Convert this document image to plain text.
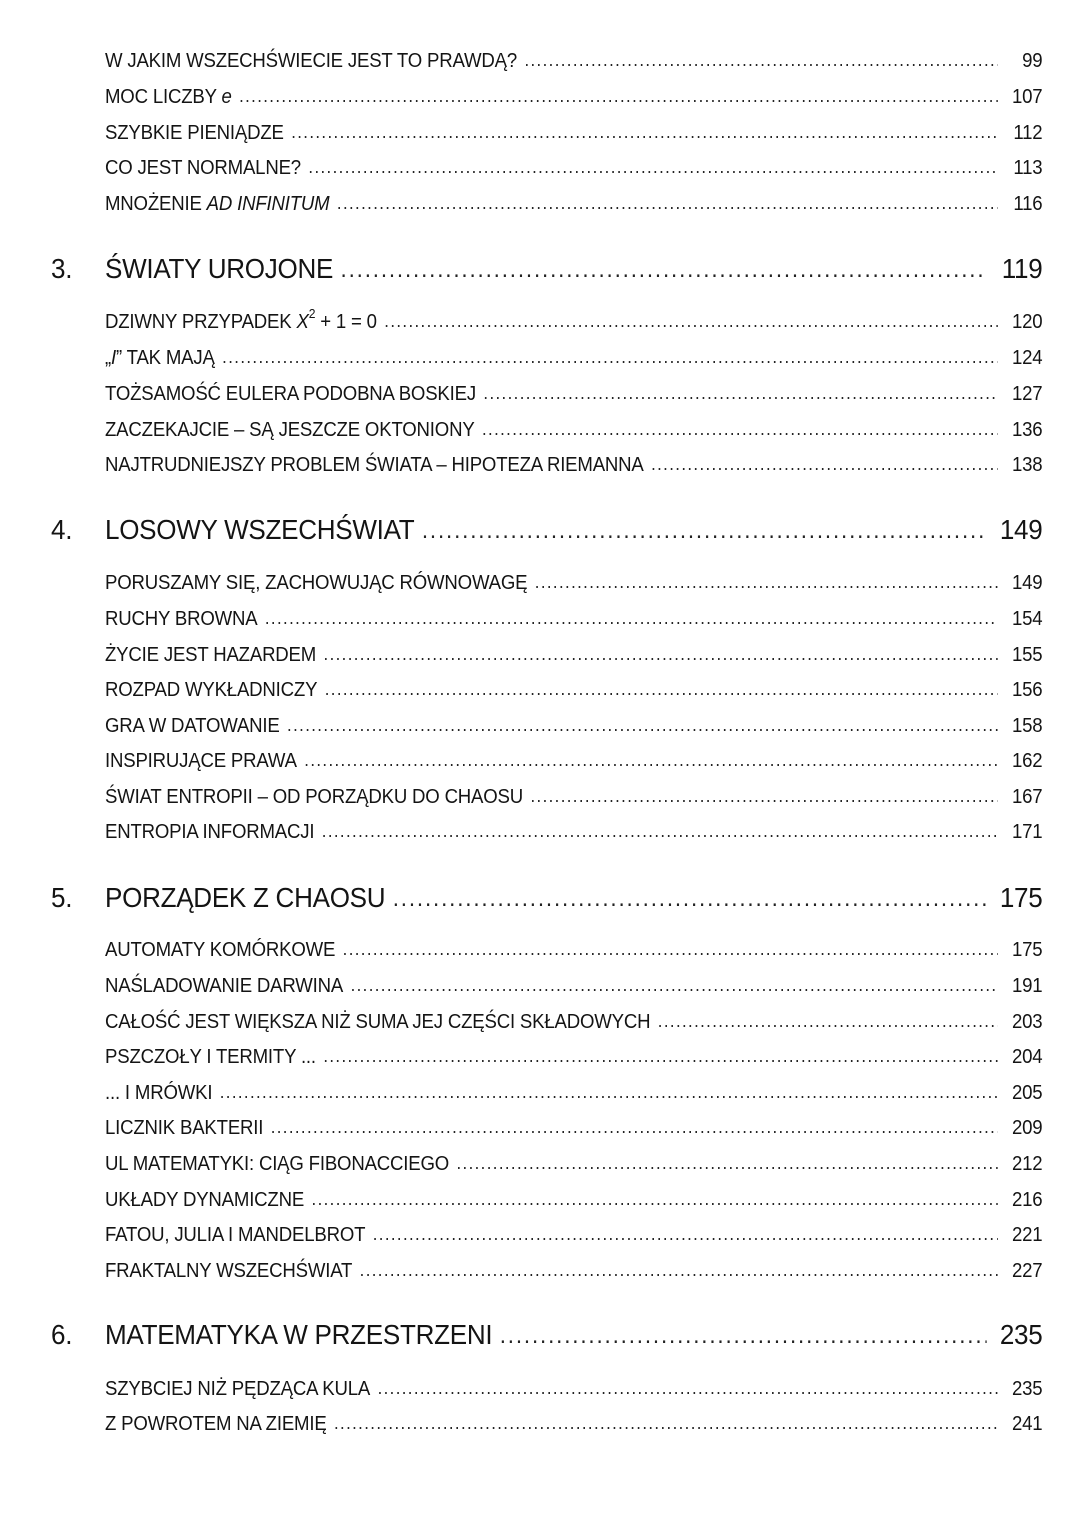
W JAKIM WSZECHŚWIECIE JEST TO PRAWDĄ? .....	99
MOC LICZBY e .....	107
SZYBKIE PIENIĄDZE .....	112
CO JEST NORMALNE? .....	113
MNOŻENIE AD INFINITUM .....	116
3. ŚWIATY UROJONE .....	119
DZIWNY PRZYPADEK $X^2 + 1 = 0$ .....	120
„I” TAK MAJĄ .....	124
TOŻSAMOŚĆ EULERA PODOBNA BOSKIEJ .....	127
ZACZEKAJCIE – SĄ JESZCZE OKTONIONY .....	136
NAJTRUDNIEJSZY PROBLEM ŚWIATA – HIPOTEZA RIEMANNA .....	138
4. LOSOWY WSZECHŚWIAT .....	149
PORUSZAMY SIĘ, ZACHOWUJĄC RÓWNOWAGĘ .....	149
RUCHY BROWNA .....	154
ŻYCIE JEST HAZARDEM .....	155
ROZPAD WYKŁADNICZY .....	156
GRA W DATOWANIE .....	158
INSPIRUJĄCE PRAWA .....	162
ŚWIAT ENTROPII – OD PORZĄDKU DO CHAOSU .....	167
ENTROPIA INFORMACJI .....	171
5. PORZĄDEK Z CHAOSU .....	175
AUTOMATY KOMÓRKOWE .....	175
NAŚLADOWANIE DARWINA .....	191
CAŁOŚĆ JEST WIĘKSZA NIŻ SUMA JEJ CZĘŚCI SKŁADOWYCH .....	203
PSZCZOŁY I TERMITY ... .....	204
... I MRÓWKI .....	205
LICZNIK BAKTERII .....	209
UL MATEMATYKI: CIĄG FIBONACCIEGO .....	212
UKŁADY DYNAMICZNE .....	216
FATOU, JULIA I MANDELBROT .....	221
FRAKTALNY WSZECHŚWIAT .....	227
6. MATEMATYKA W PRZESTRZENI .....	235
SZYBCIEJ NIŻ PĘDZĄCA KULA .....	235
Z POWROTEM NA ZIEMIĘ .....	241
